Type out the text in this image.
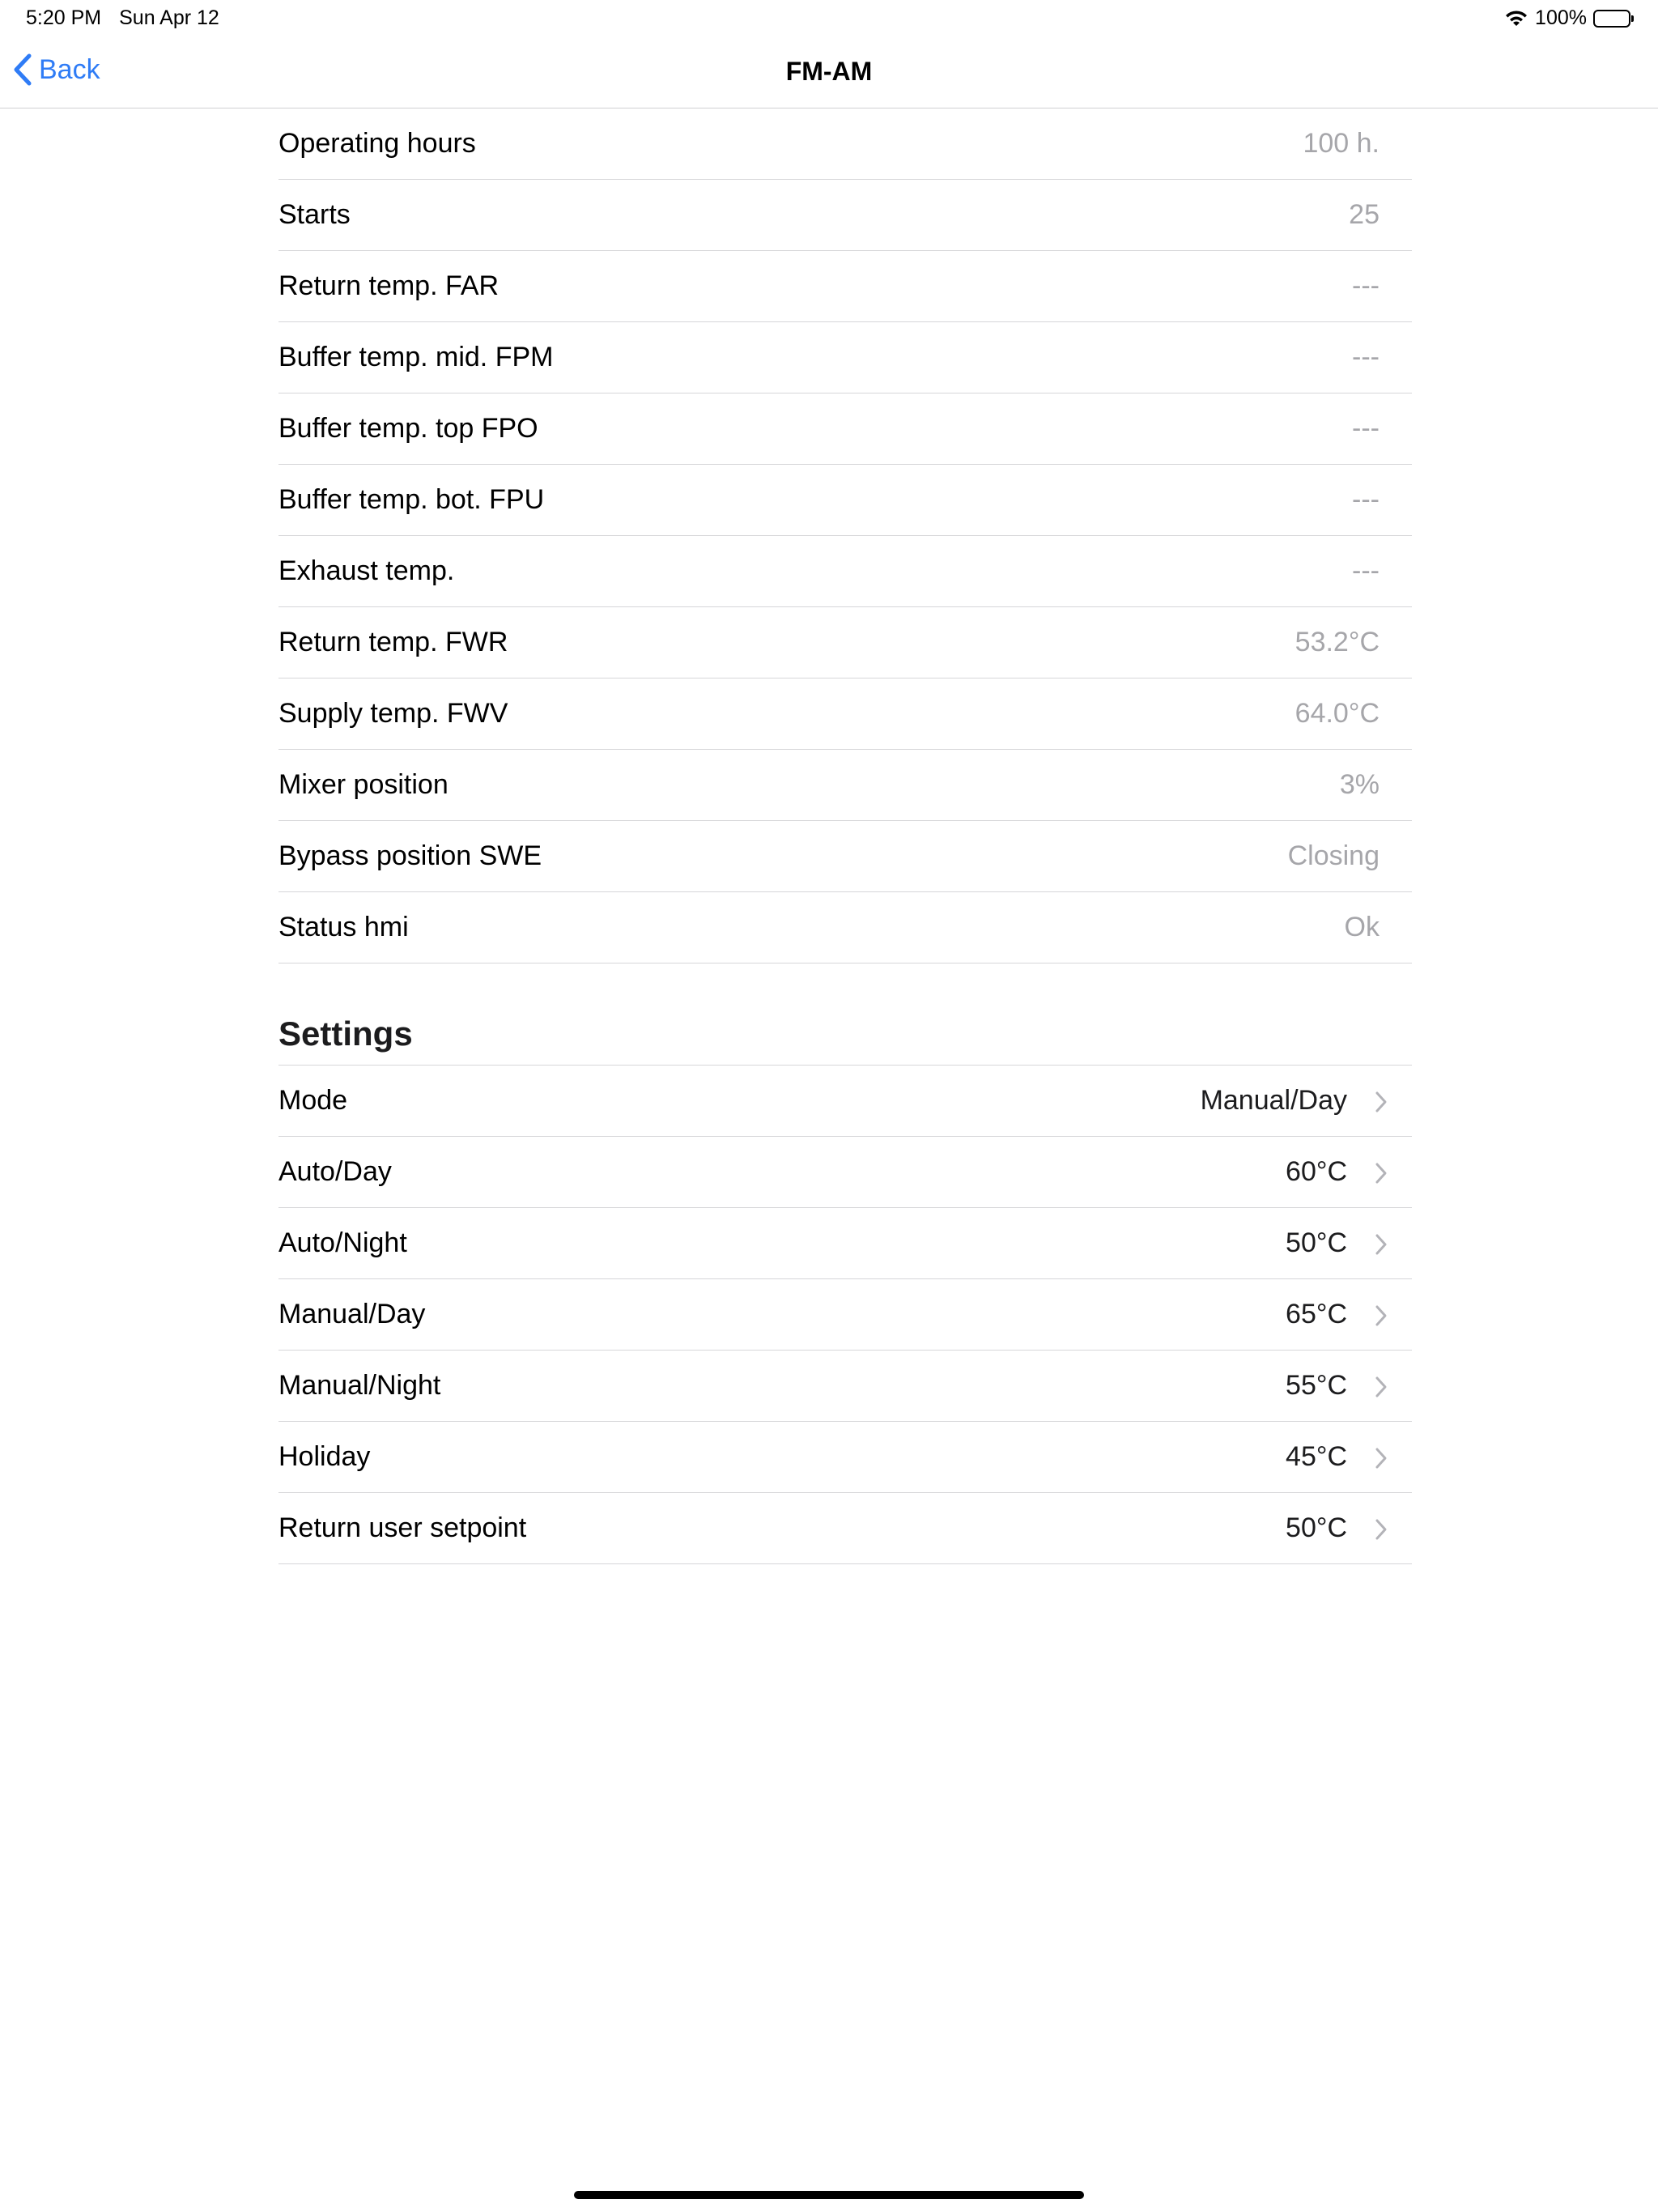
5:20 PM Sun Apr 12	100%
Back	FM-AM
Operating hours	100 h.
Starts	25
Return temp. FAR	---
Buffer temp. mid. FPM	---
Buffer temp. top FPO	---
Buffer temp. bot. FPU	---
Exhaust temp.	---
Return temp. FWR	53.2°C
Supply temp. FWV	64.0°C
Mixer position	3%
Bypass position SWE	Closing
Status hmi	Ok
Settings
Mode	Manual/Day
Auto/Day	60°C
Auto/Night	50°C
Manual/Day	65°C
Manual/Night	55°C
Holiday	45°C
Return user setpoint	50°C
